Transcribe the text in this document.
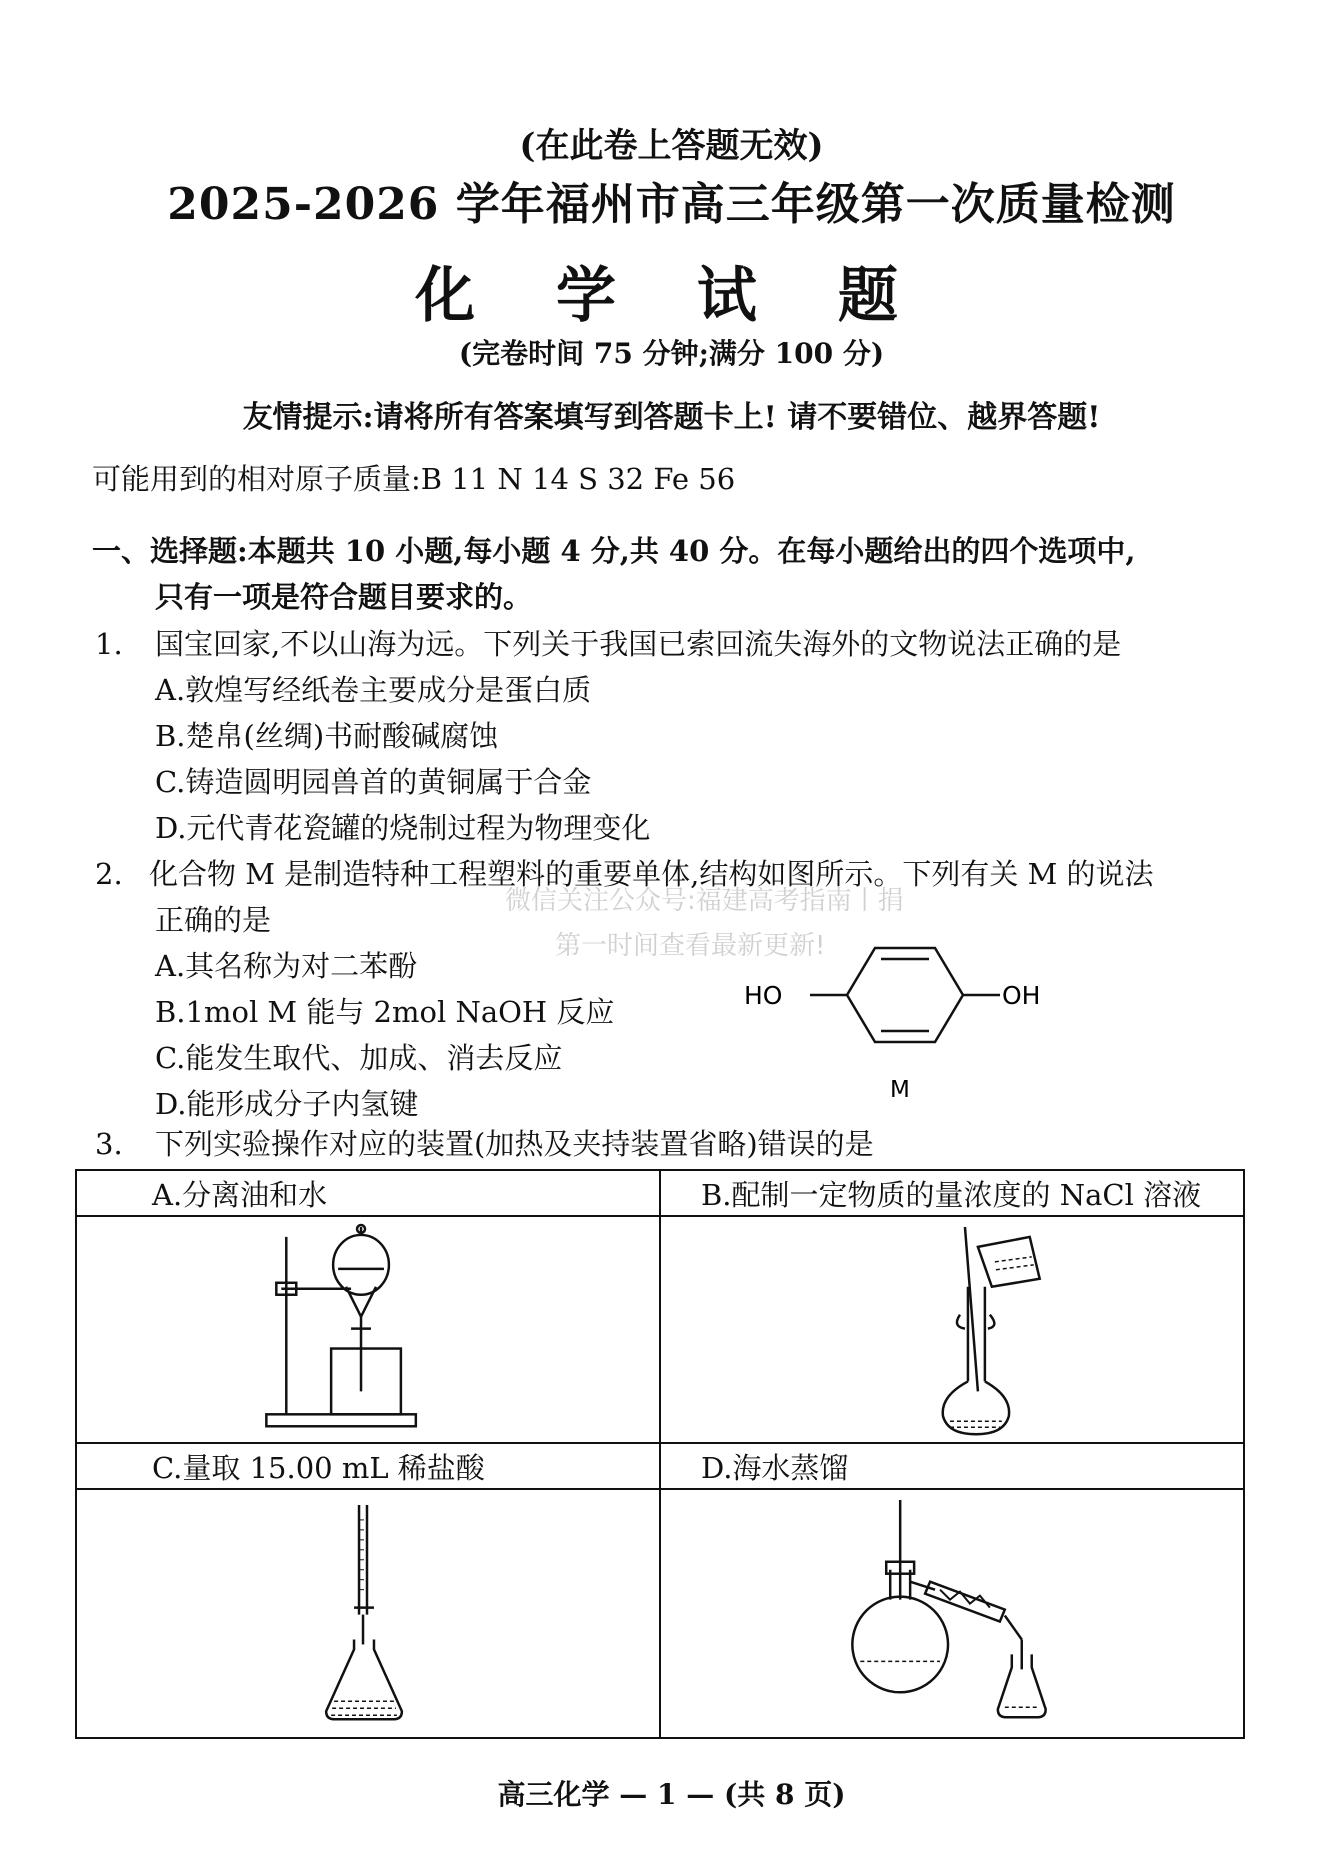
(在此卷上答题无效)
2025-2026 学年福州市高三年级第一次质量检测
化 学 试 题
(完卷时间 75 分钟;满分 100 分)
友情提示:请将所有答案填写到答题卡上! 请不要错位、越界答题!
可能用到的相对原子质量:B 11 N 14 S 32 Fe 56
一、选择题:本题共 10 小题,每小题 4 分,共 40 分。在每小题给出的四个选项中,
只有一项是符合题目要求的。
1. 国宝回家,不以山海为远。下列关于我国已索回流失海外的文物说法正确的是
A.敦煌写经纸卷主要成分是蛋白质
B.楚帛(丝绸)书耐酸碱腐蚀
C.铸造圆明园兽首的黄铜属于合金
D.元代青花瓷罐的烧制过程为物理变化
2. 化合物 M 是制造特种工程塑料的重要单体,结构如图所示。下列有关 M 的说法
正确的是
A.其名称为对二苯酚
B.1mol M 能与 2mol NaOH 反应
C.能发生取代、加成、消去反应
D.能形成分子内氢键
微信关注公众号:福建高考指南丨捐
第一时间查看最新更新!
HO	OH
M
3. 下列实验操作对应的装置(加热及夹持装置省略)错误的是
A.分离油和水	B.配制一定物质的量浓度的 NaCl 溶液

C.量取 15.00 mL 稀盐酸	D.海水蒸馏

高三化学 — 1 — (共 8 页)
